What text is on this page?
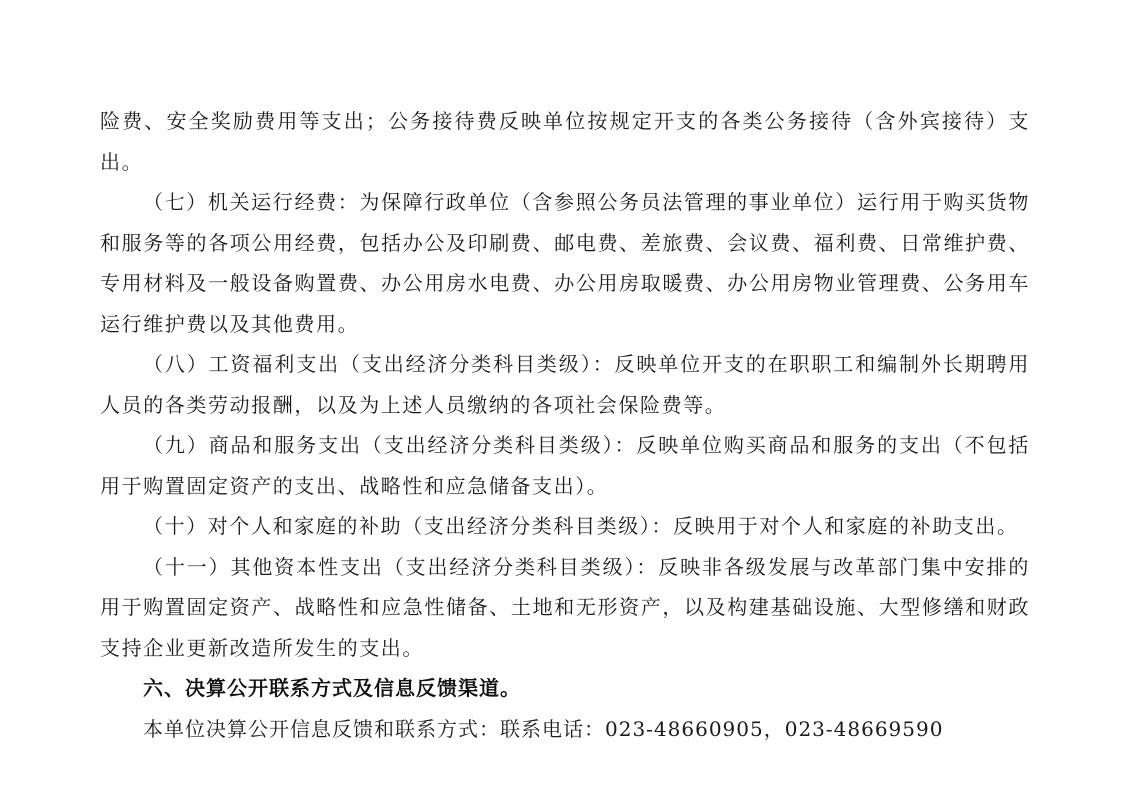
险费、安全奖励费用等支出；公务接待费反映单位按规定开支的各类公务接待（含外宾接待）支出。

（七）机关运行经费：为保障行政单位（含参照公务员法管理的事业单位）运行用于购买货物和服务等的各项公用经费，包括办公及印刷费、邮电费、差旅费、会议费、福利费、日常维护费、专用材料及一般设备购置费、办公用房水电费、办公用房取暖费、办公用房物业管理费、公务用车运行维护费以及其他费用。

（八）工资福利支出（支出经济分类科目类级）：反映单位开支的在职职工和编制外长期聘用人员的各类劳动报酬，以及为上述人员缴纳的各项社会保险费等。

（九）商品和服务支出（支出经济分类科目类级）：反映单位购买商品和服务的支出（不包括用于购置固定资产的支出、战略性和应急储备支出）。

（十）对个人和家庭的补助（支出经济分类科目类级）：反映用于对个人和家庭的补助支出。

（十一）其他资本性支出（支出经济分类科目类级）：反映非各级发展与改革部门集中安排的用于购置固定资产、战略性和应急性储备、土地和无形资产，以及构建基础设施、大型修缮和财政支持企业更新改造所发生的支出。

六、决算公开联系方式及信息反馈渠道。

本单位决算公开信息反馈和联系方式：联系电话：023-48660905，023-48669590
